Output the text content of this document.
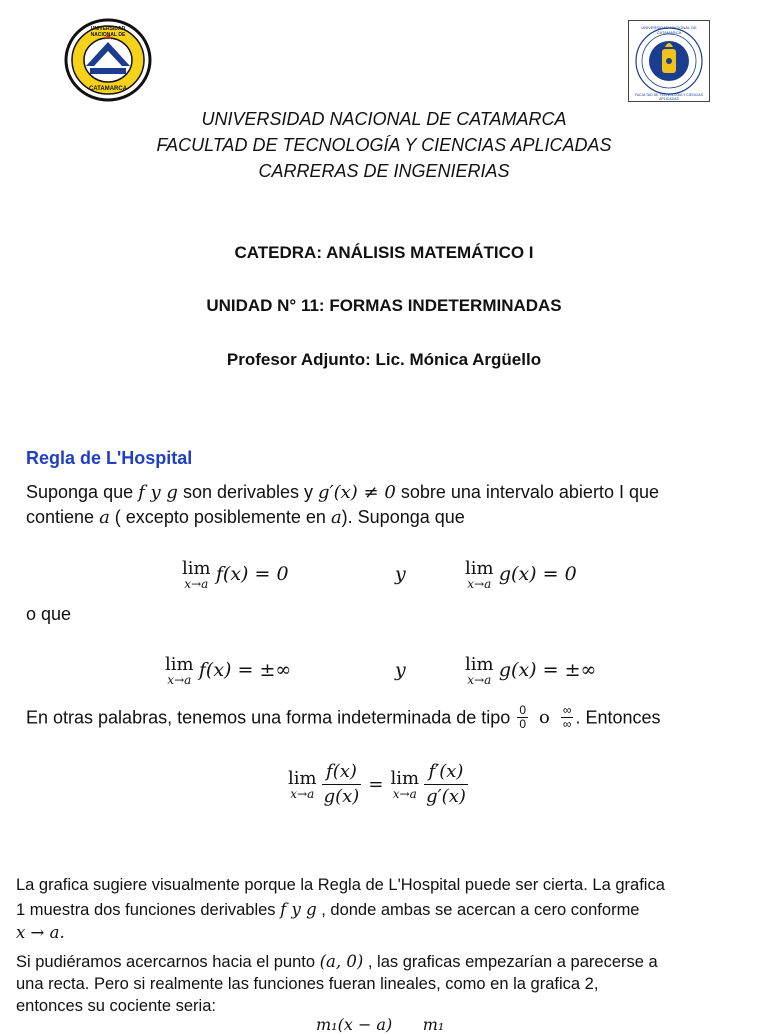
UNIVERSIDAD NACIONAL DE
CATAMARCA
UNIVERSIDAD NACIONAL DE CATAMARCA
FACULTAD DE TECNOLOGÍA Y CIENCIAS APLICADAS
UNIVERSIDAD NACIONAL DE CATAMARCA
FACULTAD DE TECNOLOGÍA Y CIENCIAS APLICADAS
CARRERAS DE INGENIERIAS
CATEDRA: ANÁLISIS MATEMÁTICO I
UNIDAD N° 11: FORMAS INDETERMINADAS
Profesor Adjunto: Lic. Mónica Argüello
Regla de L'Hospital
Suponga que f y g son derivables y g′(x) ≠ 0 sobre una intervalo abierto I que
contiene a ( excepto posiblemente en a). Suponga que
lim
x→a f(x) = 0	y	lim
x→a g(x) = 0
o que
lim
x→a f(x) = ±∞	y	lim
x→a g(x) = ±∞
En otras palabras, tenemos una forma indeterminada de tipo $\frac{0}{0}$ o $\frac{\infty}{\infty}$ . Entonces
lim
x→a
$\frac{f(x)}{g(x)} = \lim$
x→a
$\frac{f'(x)}{g'(x)}$
La grafica sugiere visualmente porque la Regla de L'Hospital puede ser cierta. La grafica
1 muestra dos funciones derivables f y g , donde ambas se acercan a cero conforme
x → a.
Si pudiéramos acercarnos hacia el punto (a, 0) , las graficas empezarían a parecerse a
una recta. Pero si realmente las funciones fueran lineales, como en la grafica 2,
entonces su cociente seria:
m₁(x − a)      m₁
